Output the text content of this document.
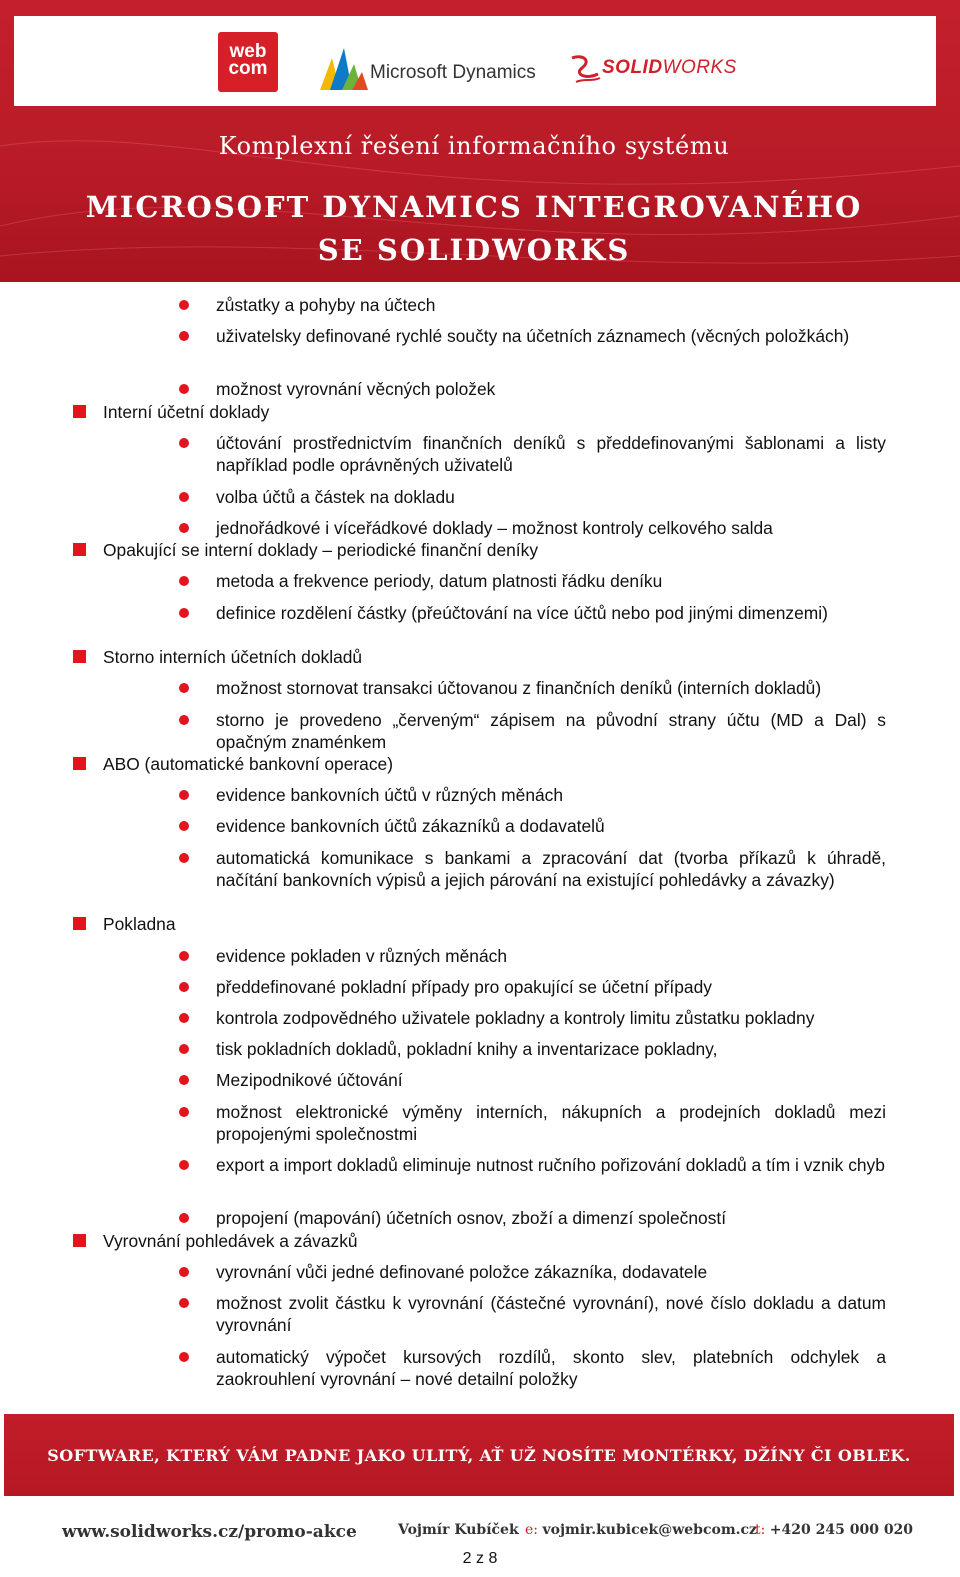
web
com	Microsoft Dynamics	SOLIDWORKS
Komplexní řešení informačního systému
MICROSOFT DYNAMICS INTEGROVANÉHO
SE SOLIDWORKS
zůstatky a pohyby na účtech
uživatelsky definované rychlé součty na účetních záznamech (věcných položkách)
možnost vyrovnání věcných položek
Interní účetní doklady
účtování prostřednictvím finančních deníků s předdefinovanými šablonami a listy například podle oprávněných uživatelů
volba účtů a částek na dokladu
jednořádkové i víceřádkové doklady – možnost kontroly celkového salda
Opakující se interní doklady – periodické finanční deníky
metoda a frekvence periody, datum platnosti řádku deníku
definice rozdělení částky (přeúčtování na více účtů nebo pod jinými dimenzemi)
Storno interních účetních dokladů
možnost stornovat transakci účtovanou z finančních deníků (interních dokladů)
storno je provedeno „červeným“ zápisem na původní strany účtu (MD a Dal) s opačným znaménkem
ABO (automatické bankovní operace)
evidence bankovních účtů v různých měnách
evidence bankovních účtů zákazníků a dodavatelů
automatická komunikace s bankami a zpracování dat (tvorba příkazů k úhradě, načítání bankovních výpisů a jejich párování na existující pohledávky a závazky)
Pokladna
evidence pokladen v různých měnách
předdefinované pokladní případy pro opakující se účetní případy
kontrola zodpovědného uživatele pokladny a kontroly limitu zůstatku pokladny
tisk pokladních dokladů, pokladní knihy a inventarizace pokladny,
Mezipodnikové účtování
možnost elektronické výměny interních, nákupních a prodejních dokladů mezi propojenými společnostmi
export a import dokladů eliminuje nutnost ručního pořizování dokladů a tím i vznik chyb
propojení (mapování) účetních osnov, zboží a dimenzí společností
Vyrovnání pohledávek a závazků
vyrovnání vůči jedné definované položce zákazníka, dodavatele
možnost zvolit částku k vyrovnání (částečné vyrovnání), nové číslo dokladu a datum vyrovnání
automatický výpočet kursových rozdílů, skonto slev, platebních odchylek a zaokrouhlení vyrovnání – nové detailní položky
SOFTWARE, KTERÝ VÁM PADNE JAKO ULITÝ, AŤ UŽ NOSÍTE MONTÉRKY, DŽÍNY ČI OBLEK.
www.solidworks.cz/promo-akce	Vojmír Kubíček e: vojmir.kubicek@webcom.cz
t: +420 245 000 020
2 z 8
